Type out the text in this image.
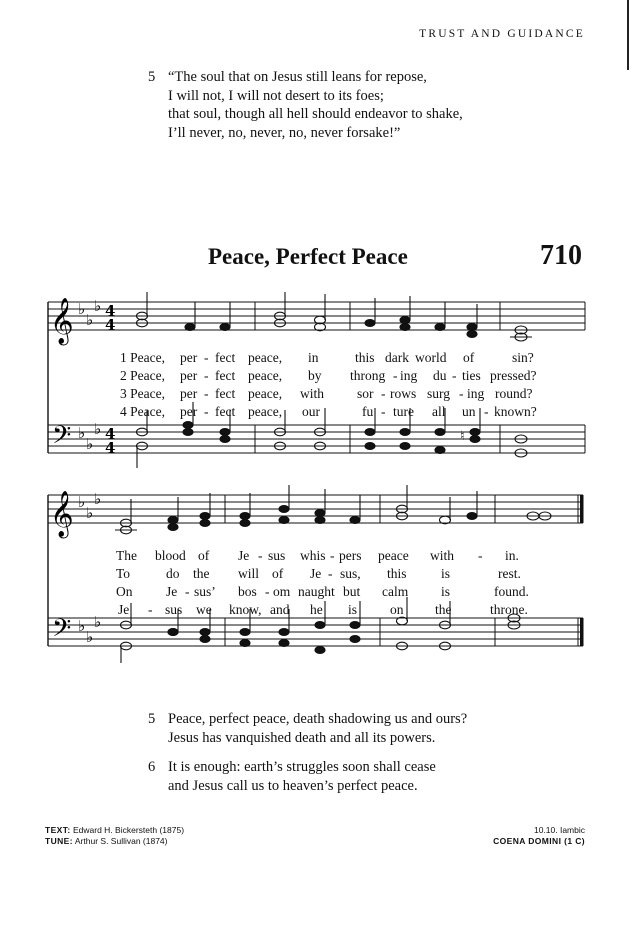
TRUST AND GUIDANCE
5 “The soul that on Jesus still leans for repose,
I will not, I will not desert to its foes;
that soul, though all hell should endeavor to shake,
I’ll never, no, never, no, never forsake!”
Peace, Perfect Peace	710
𝄞
𝄢
♭
♭
♭
♭
♭
♭
4
4
4
4
♮
1 Peace, per - fect peace, in	this dark world of	sin?
2 Peace, per - fect peace, by throng - ing du - ties pressed?
3 Peace, per - fect peace, with sor - rows surg - ing round?
4 Peace, per - fect peace, our	fu - ture all un - known?
𝄞
𝄢
♭
♭
♭
♭
♭
♭
The blood of Je - sus whis - pers peace with - in.
To	do the will of Je - sus, this	is	rest.
On Je - sus’ bos - om naught but calm is	found.
Je - sus we know, and he is on the	throne.
5 Peace, perfect peace, death shadowing us and ours?
Jesus has vanquished death and all its powers.
6 It is enough: earth’s struggles soon shall cease
and Jesus call us to heaven’s perfect peace.
TEXT: Edward H. Bickersteth (1875)
TUNE: Arthur S. Sullivan (1874)
10.10. Iambic
COENA DOMINI (1 C)
